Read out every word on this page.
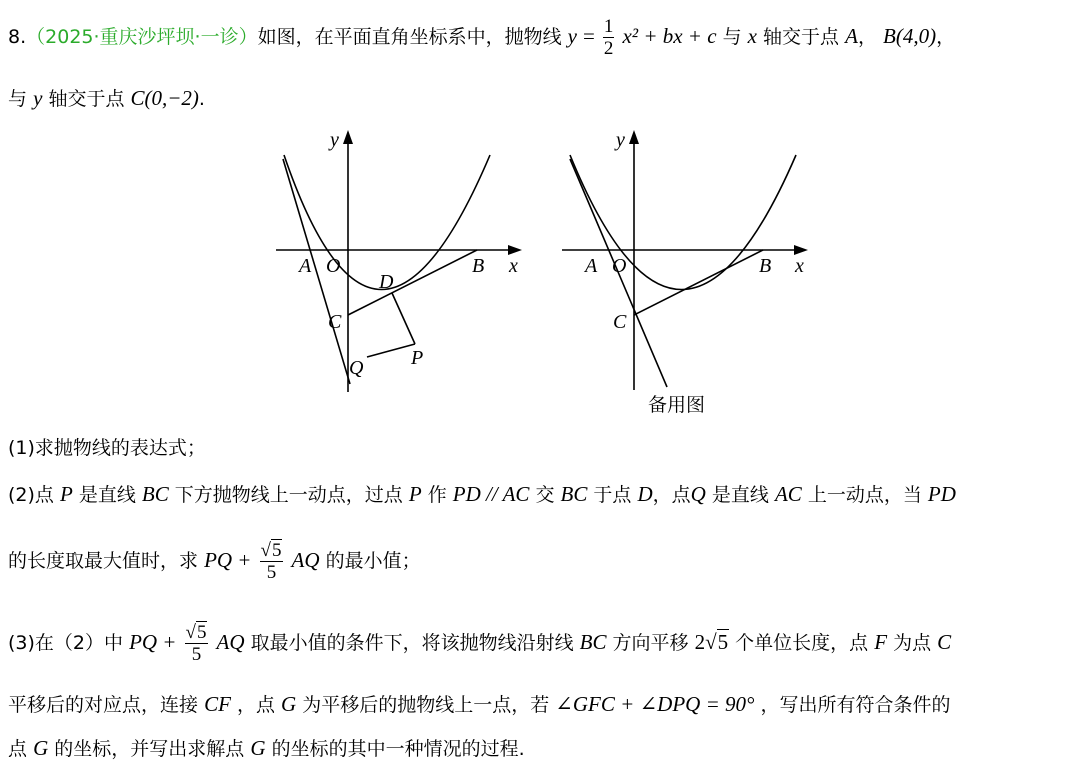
8.（2025·重庆沙坪坝·一诊）如图，在平面直角坐标系中，抛物线 $y = \frac{1}{2} x^2$ + bx + c 与 x 轴交于点 A， B(4,0)，
与 y 轴交于点 C(0,−2).
y
x
A O	B
C
D
P
Q
y
x
A O	B
C
备用图
(1)求抛物线的表达式；
(2)点 P 是直线 BC 下方抛物线上一动点，过点 P 作 PD // AC 交 BC 于点 D，点Q 是直线 AC 上一动点，当 PD
的长度取最大值时，求 PQ + $\frac{√5}{5}$ AQ 的最小值；
(3)在（2）中 PQ + $\frac{√5}{5}$ AQ 取最小值的条件下，将该抛物线沿射线 BC 方向平移 2√5 个单位长度，点 F 为点 C
平移后的对应点，连接 CF ，点 G 为平移后的抛物线上一点，若 ∠GFC + ∠DPQ = 90° ，写出所有符合条件的
点 G 的坐标，并写出求解点 G 的坐标的其中一种情况的过程.
